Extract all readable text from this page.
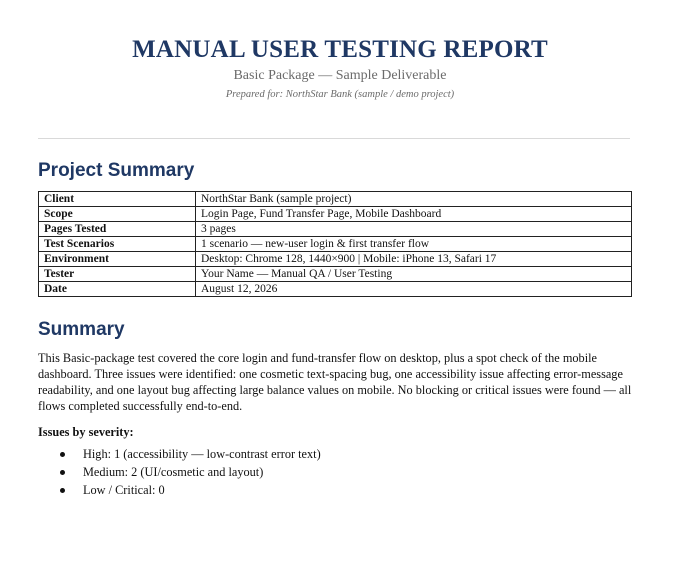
MANUAL USER TESTING REPORT
Basic Package — Sample Deliverable
Prepared for: NorthStar Bank (sample / demo project)
Project Summary
Client	NorthStar Bank (sample project)
Scope	Login Page, Fund Transfer Page, Mobile Dashboard
Pages Tested	3 pages
Test Scenarios	1 scenario — new-user login & first transfer flow
Environment	Desktop: Chrome 128, 1440×900 | Mobile: iPhone 13, Safari 17
Tester	Your Name — Manual QA / User Testing
Date	August 12, 2026
Summary
This Basic-package test covered the core login and fund-transfer flow on desktop, plus a spot check of the mobile dashboard. Three issues were identified: one cosmetic text-spacing bug, one accessibility issue affecting error-message readability, and one layout bug affecting large balance values on mobile. No blocking or critical issues were found — all flows completed successfully end-to-end.
Issues by severity:
High: 1 (accessibility — low-contrast error text)
Medium: 2 (UI/cosmetic and layout)
Low / Critical: 0
